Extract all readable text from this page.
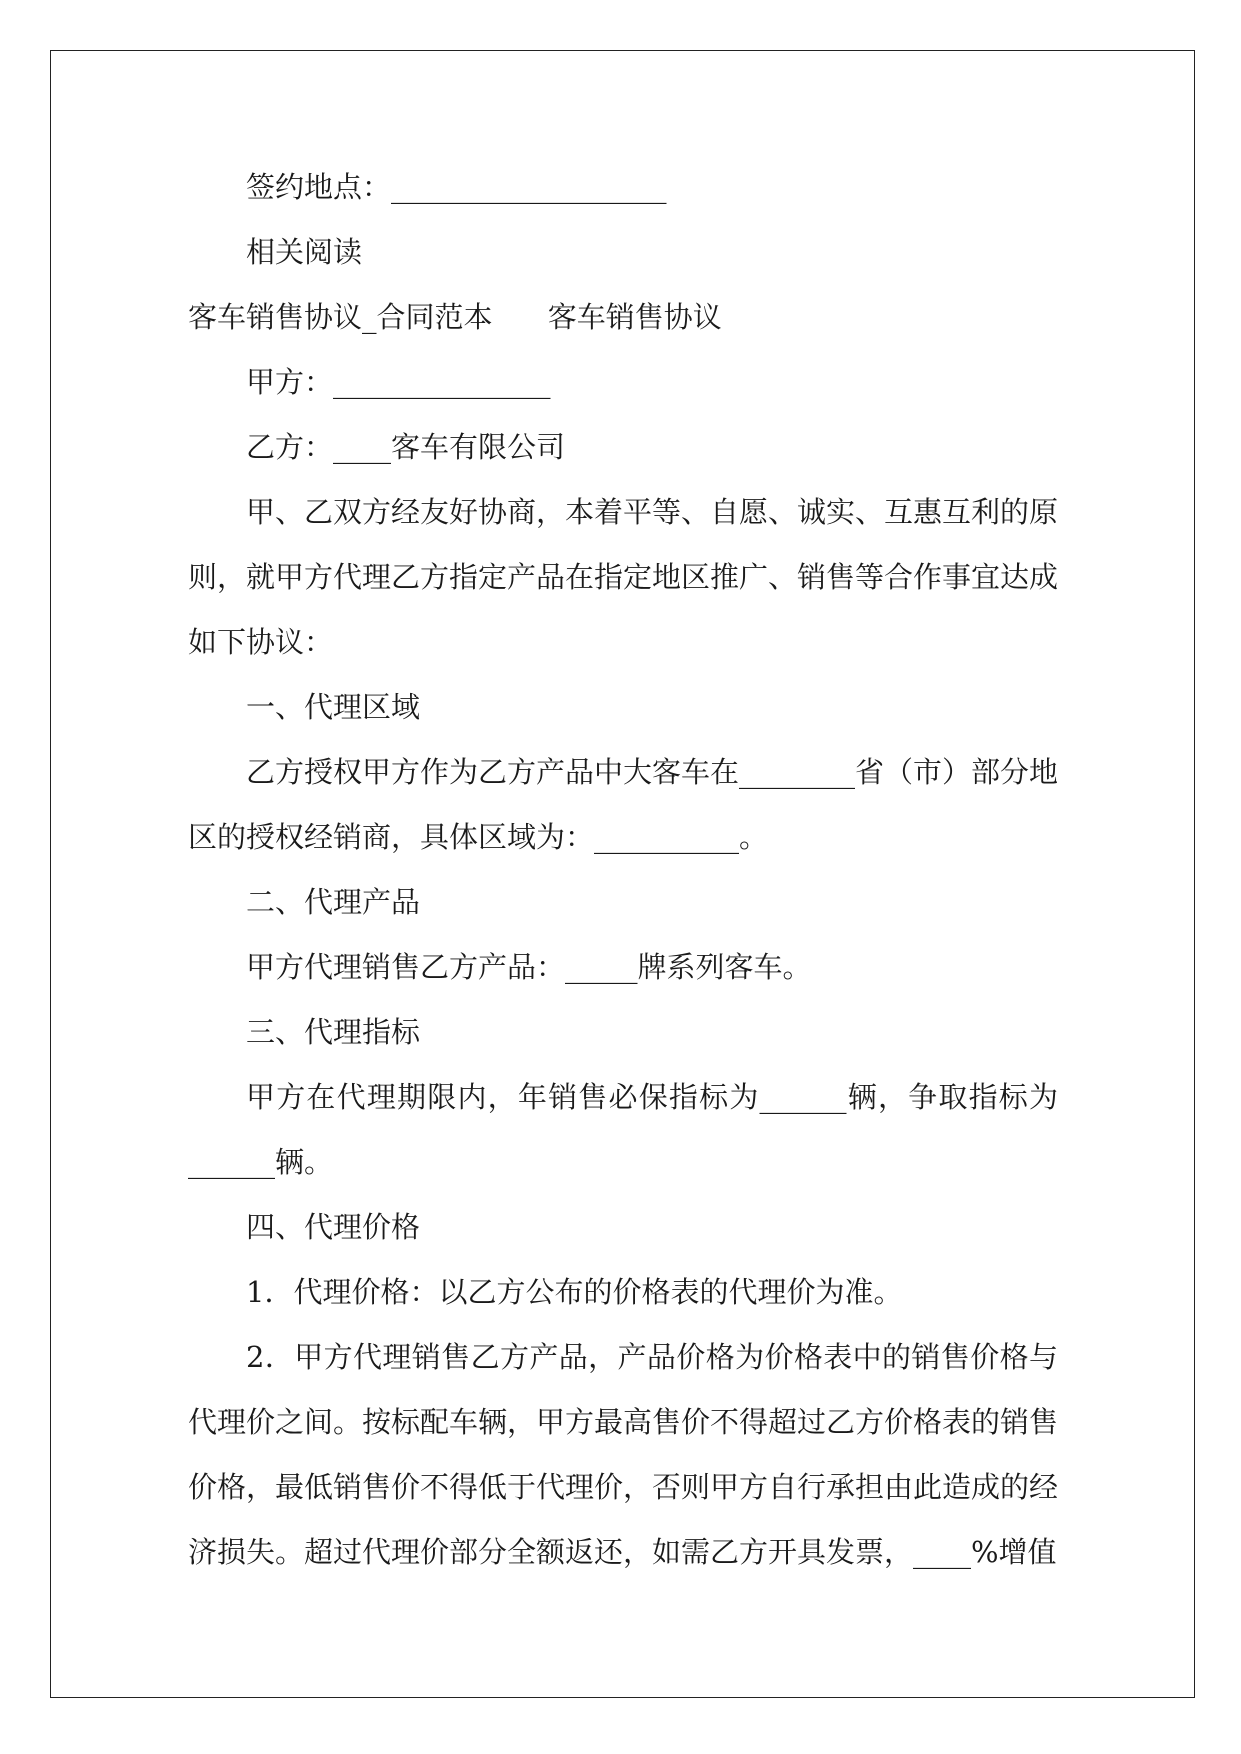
签约地点：___________________

相关阅读

客车销售协议_合同范本      客车销售协议

甲方：_______________

乙方：____客车有限公司

甲、乙双方经友好协商，本着平等、自愿、诚实、互惠互利的原则，就甲方代理乙方指定产品在指定地区推广、销售等合作事宜达成如下协议：

一、代理区域

乙方授权甲方作为乙方产品中大客车在________省（市）部分地区的授权经销商，具体区域为：__________。

二、代理产品

甲方代理销售乙方产品：_____牌系列客车。

三、代理指标

甲方在代理期限内，年销售必保指标为______辆，争取指标为______辆。

四、代理价格

1．代理价格：以乙方公布的价格表的代理价为准。

2．甲方代理销售乙方产品，产品价格为价格表中的销售价格与代理价之间。按标配车辆，甲方最高售价不得超过乙方价格表的销售价格，最低销售价不得低于代理价，否则甲方自行承担由此造成的经济损失。超过代理价部分全额返还，如需乙方开具发票，____%增值
